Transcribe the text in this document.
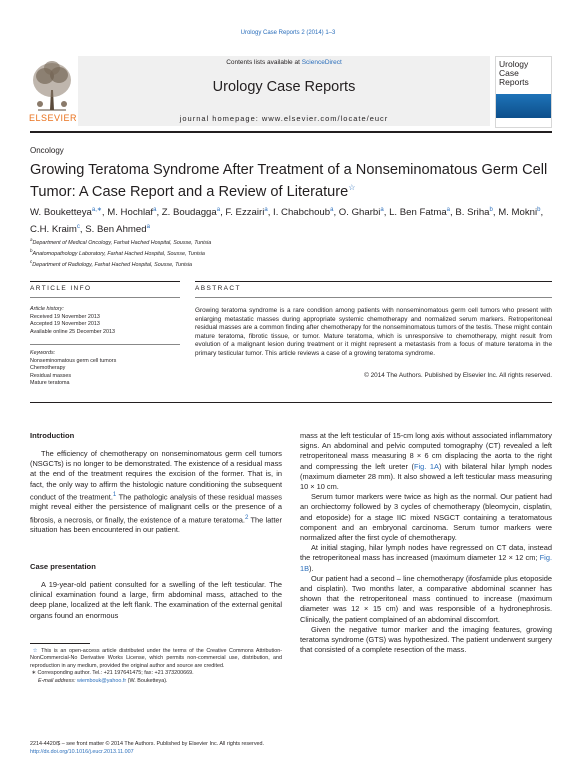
Urology Case Reports 2 (2014) 1–3
ELSEVIER
Contents lists available at ScienceDirect
Urology Case Reports
journal homepage: www.elsevier.com/locate/eucr
Urology
Case
Reports
Oncology
Growing Teratoma Syndrome After Treatment of a Nonseminomatous Germ Cell Tumor: A Case Report and a Review of Literature☆
W. Bouketteya$^{a,∗}$, M. Hochlaf$^a$, Z. Boudagga$^a$, F. Ezzairi$^a$, I. Chabchoub$^a$, O. Gharbi$^a$, L. Ben Fatma$^a$, B. Sriha$^b$, M. Mokni$^b$, C.H. Kraim$^c$, S. Ben Ahmed$^a$
$^a$Department of Medical Oncology, Farhat Hached Hospital, Sousse, Tunisia
$^b$Anatomopathology Laboratory, Farhat Hached Hospital, Sousse, Tunisia
$^c$Department of Radiology, Farhat Hached Hospital, Sousse, Tunisia
ARTICLE INFO	ABSTRACT
Article history:
Received 19 November 2013
Accepted 19 November 2013
Available online 25 December 2013
Keywords:
Nonseminomatous germ cell tumors
Chemotherapy
Residual masses
Mature teratoma
Growing teratoma syndrome is a rare condition among patients with nonseminomatous germ cell tumors who present with enlarging metastatic masses during appropriate systemic chemotherapy and normalized serum markers. Retroperitoneal residual masses are a common finding after chemotherapy for the nonseminomatous tumors of the testis. These might contain mature teratoma, fibrotic tissue, or tumor. Mature teratoma, which is unresponsive to chemotherapy, might result from evolution of a malignant lesion during treatment or it might represent a metastasis from a focus of mature teratoma in the primary testicular tumor. This article reviews a case of a growing teratoma syndrome.
© 2014 The Authors. Published by Elsevier Inc. All rights reserved.
Introduction

The efficiency of chemotherapy on nonseminomatous germ cell tumors (NSGCTs) is no longer to be demonstrated. The existence of a residual mass at the end of the treatment requires the excision of the former. That is, in fact, the only way to affirm the histologic nature conditioning the subsequent conduct of the treatment.$^1$ The pathologic analysis of these residual masses might reveal either the persistence of malignant cells or the presence of a fibrosis, a necrosis, or finally, the existence of a mature teratoma.$^2$ The latter situation has been encountered in our patient.

Case presentation

A 19-year-old patient consulted for a swelling of the left testicular. The clinical examination found a large, firm abdominal mass, attached to the deep plane, localized at the left flank. The examination of the external genital organs found an enormous

☆ This is an open-access article distributed under the terms of the Creative Commons Attribution-NonCommercial-No Derivative Works License, which permits non-commercial use, distribution, and reproduction in any medium, provided the original author and source are credited.
∗ Corresponding author. Tel.: +21 197641475; fax: +21 373200669.
E-mail address: wiembouk@yahoo.fr (W. Bouketteya).

mass at the left testicular of 15-cm long axis without associated inflammatory signs. An abdominal and pelvic computed tomography (CT) revealed a left retroperitoneal mass measuring 8 × 6 cm displacing the aorta to the right and compressing the left ureter (Fig. 1A) with bilateral hilar lymph nodes (maximum diameter 28 mm). It also showed a left testicular mass measuring 10 × 10 cm.

Serum tumor markers were twice as high as the normal. Our patient had an orchiectomy followed by 3 cycles of chemotherapy (bleomycin, cisplatin, and etoposide) for a stage IIC mixed NSGCT containing a teratomatous component and an embryonal carcinoma. Serum tumor markers were normalized after the first cycle of chemotherapy.

At initial staging, hilar lymph nodes have regressed on CT data, instead the retroperitoneal mass has increased (maximum diameter 12 × 12 cm; Fig. 1B).

Our patient had a second – line chemotherapy (ifosfamide plus etoposide and cisplatin). Two months later, a comparative abdominal scanner has shown that the retroperitoneal mass continued to increase (maximum diameter was 12 × 15 cm) and was responsible of a hydronephrosis. Clinically, the patient complained of an abdominal discomfort.

Given the negative tumor marker and the imaging features, growing teratoma syndrome (GTS) was hypothesized. The patient underwent surgery that consisted of a complete resection of the mass.

2214-4420/$ – see front matter © 2014 The Authors. Published by Elsevier Inc. All rights reserved.
http://dx.doi.org/10.1016/j.eucr.2013.11.007
